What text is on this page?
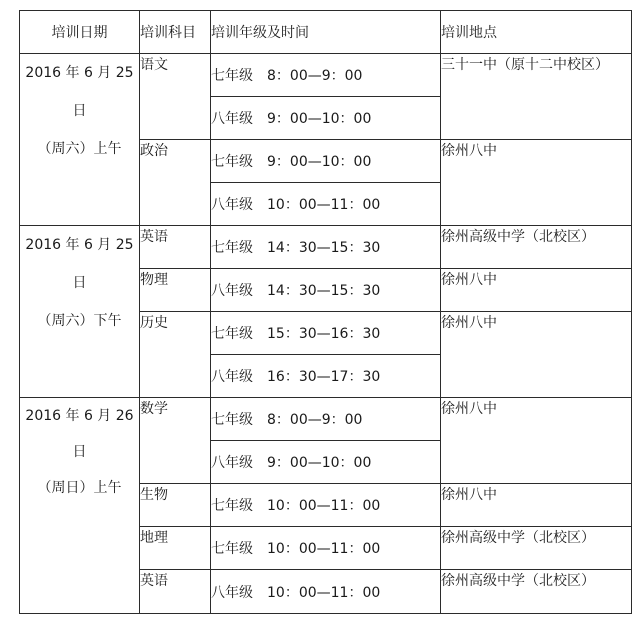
培训日期	培训科目	培训年级及时间	培训地点

2016 年 6 月 25
日
（周六）上午	语文	七年级 8：00—9：00	三十一中（原十二中校区）
		八年级 9：00—10：00	
	政治	七年级 9：00—10：00	徐州八中
		八年级 10：00—11：00	

2016 年 6 月 25
日
（周六）下午	英语	七年级 14：30—15：30	徐州高级中学（北校区）
	物理	八年级 14：30—15：30	徐州八中
	历史	七年级 15：30—16：30	徐州八中
		八年级 16：30—17：30	

2016 年 6 月 26
日
（周日）上午	数学	七年级 8：00—9：00	徐州八中
		八年级 9：00—10：00	
	生物	七年级 10：00—11：00	徐州八中
	地理	七年级 10：00—11：00	徐州高级中学（北校区）
	英语	八年级 10：00—11：00	徐州高级中学（北校区）
